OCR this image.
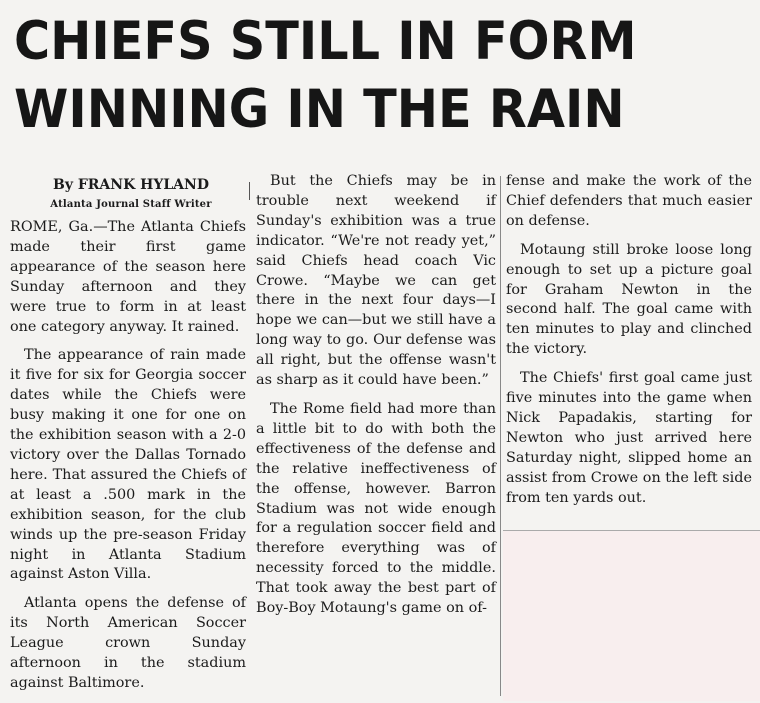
CHIEFS STILL IN FORM
WINNING IN THE RAIN
By FRANK HYLAND
Atlanta Journal Staff Writer

ROME, Ga.—The Atlanta Chiefs made their first game appearance of the season here Sunday afternoon and they were true to form in at least one category anyway. It rained.

The appearance of rain made it five for six for Georgia soccer dates while the Chiefs were busy making it one for one on the exhibition season with a 2-0 victory over the Dallas Tornado here. That assured the Chiefs of at least a .500 mark in the exhibition season, for the club winds up the pre-season Friday night in Atlanta Stadium against Aston Villa.

Atlanta opens the defense of its North American Soccer League crown Sunday afternoon in the stadium against Baltimore.

But the Chiefs may be in trouble next weekend if Sunday's exhibition was a true indicator. “We're not ready yet,” said Chiefs head coach Vic Crowe. “Maybe we can get there in the next four days—I hope we can—but we still have a long way to go. Our defense was all right, but the offense wasn't as sharp as it could have been.”

The Rome field had more than a little bit to do with both the effectiveness of the defense and the relative ineffectiveness of the offense, however. Barron Stadium was not wide enough for a regulation soccer field and therefore everything was of necessity forced to the middle. That took away the best part of Boy-Boy Motaung's game on of-

fense and make the work of the Chief defenders that much easier on defense.

Motaung still broke loose long enough to set up a picture goal for Graham Newton in the second half. The goal came with ten minutes to play and clinched the victory.

The Chiefs' first goal came just five minutes into the game when Nick Papadakis, starting for Newton who just arrived here Saturday night, slipped home an assist from Crowe on the left side from ten yards out.
